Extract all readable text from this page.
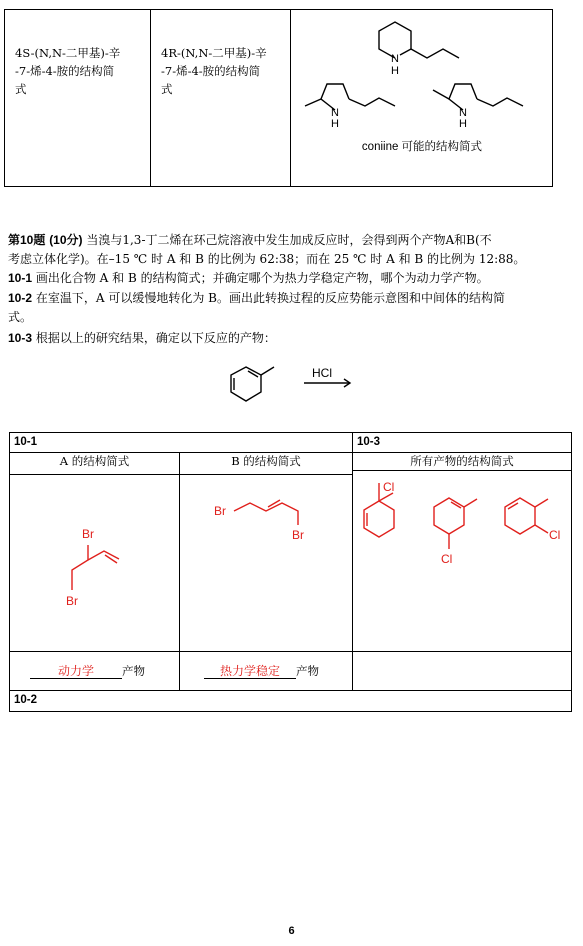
4S-(N,N-二甲基)-辛
-7-烯-4-胺的结构简
式

4R-(N,N-二甲基)-辛
-7-烯-4-胺的结构简
式

N
H
N
H
N
H
coniine 可能的结构简式
第10题 (10分) 当溴与1,3-丁二烯在环己烷溶液中发生加成反应时，会得到两个产物A和B(不
考虑立体化学)。在–15 ℃ 时 A 和 B 的比例为 62:38；而在 25 ℃ 时 A 和 B 的比例为 12:88。
10-1 画出化合物 A 和 B 的结构简式；并确定哪个为热力学稳定产物，哪个为动力学产物。
10-2 在室温下，A 可以缓慢地转化为 B。画出此转换过程的反应势能示意图和中间体的结构简
式。
10-3 根据以上的研究结果，确定以下反应的产物：
HCl
10-1		10-3
A 的结构简式	B 的结构简式	所有产物的结构简式
Cl
Cl
Cl

Br
Br	Br
Br	

动力学 产物	热力学稳定 产物	
10-2		
6
